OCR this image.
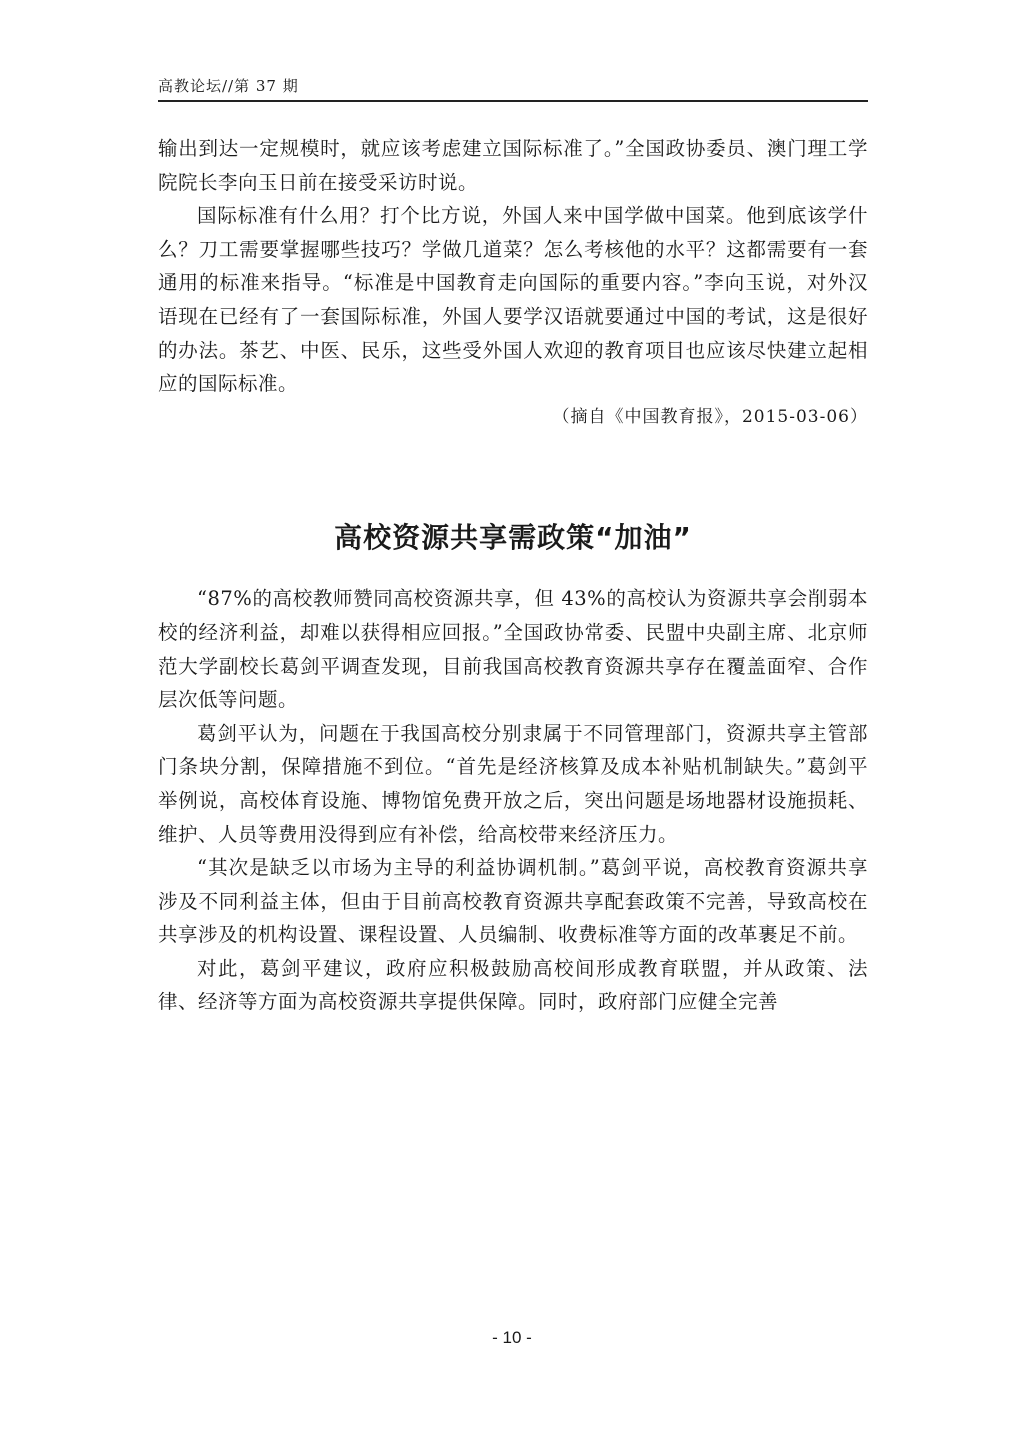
高教论坛//第 37 期

输出到达一定规模时，就应该考虑建立国际标准了。”全国政协委员、澳门理工学院院长李向玉日前在接受采访时说。

国际标准有什么用？打个比方说，外国人来中国学做中国菜。他到底该学什么？刀工需要掌握哪些技巧？学做几道菜？怎么考核他的水平？这都需要有一套通用的标准来指导。“标准是中国教育走向国际的重要内容。”李向玉说，对外汉语现在已经有了一套国际标准，外国人要学汉语就要通过中国的考试，这是很好的办法。茶艺、中医、民乐，这些受外国人欢迎的教育项目也应该尽快建立起相应的国际标准。

（摘自《中国教育报》，2015-03-06）

高校资源共享需政策“加油”

“87%的高校教师赞同高校资源共享，但 43%的高校认为资源共享会削弱本校的经济利益，却难以获得相应回报。”全国政协常委、民盟中央副主席、北京师范大学副校长葛剑平调查发现，目前我国高校教育资源共享存在覆盖面窄、合作层次低等问题。

葛剑平认为，问题在于我国高校分别隶属于不同管理部门，资源共享主管部门条块分割，保障措施不到位。“首先是经济核算及成本补贴机制缺失。”葛剑平举例说，高校体育设施、博物馆免费开放之后，突出问题是场地器材设施损耗、维护、人员等费用没得到应有补偿，给高校带来经济压力。

“其次是缺乏以市场为主导的利益协调机制。”葛剑平说，高校教育资源共享涉及不同利益主体，但由于目前高校教育资源共享配套政策不完善，导致高校在共享涉及的机构设置、课程设置、人员编制、收费标准等方面的改革裹足不前。

对此，葛剑平建议，政府应积极鼓励高校间形成教育联盟，并从政策、法律、经济等方面为高校资源共享提供保障。同时，政府部门应健全完善

- 10 -
